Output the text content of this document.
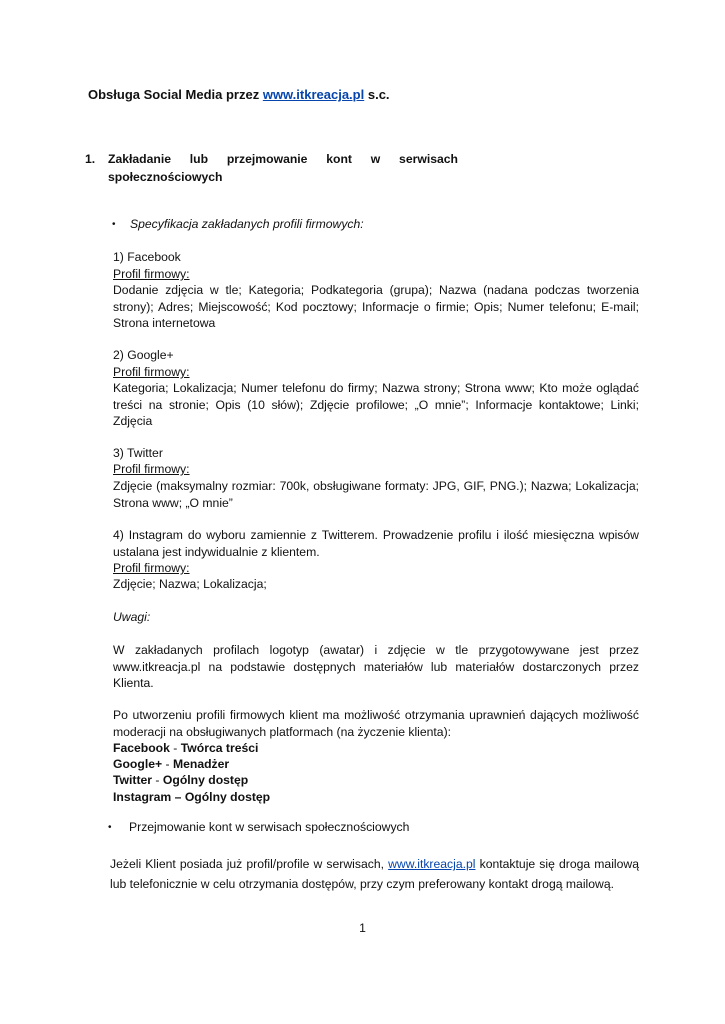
Obsługa Social Media przez www.itkreacja.pl s.c.
1. Zakładanie lub przejmowanie kont w serwisach
społecznościowych
• Specyfikacja zakładanych profili firmowych:
1) Facebook
Profil firmowy:
Dodanie zdjęcia w tle; Kategoria; Podkategoria (grupa); Nazwa (nadana podczas tworzenia strony); Adres; Miejscowość; Kod pocztowy; Informacje o firmie; Opis; Numer telefonu; E-mail; Strona internetowa
2) Google+
Profil firmowy:
Kategoria; Lokalizacja; Numer telefonu do firmy; Nazwa strony; Strona www; Kto może oglądać treści na stronie; Opis (10 słów); Zdjęcie profilowe; „O mnie”; Informacje kontaktowe; Linki; Zdjęcia
3) Twitter
Profil firmowy:
Zdjęcie (maksymalny rozmiar: 700k, obsługiwane formaty: JPG, GIF, PNG.); Nazwa; Lokalizacja; Strona www; „O mnie”
4) Instagram do wyboru zamiennie z Twitterem. Prowadzenie profilu i ilość miesięczna wpisów ustalana jest indywidualnie z klientem.
Profil firmowy:
Zdjęcie; Nazwa; Lokalizacja;
Uwagi:
W zakładanych profilach logotyp (awatar) i zdjęcie w tle przygotowywane jest przez www.itkreacja.pl na podstawie dostępnych materiałów lub materiałów dostarczonych przez Klienta.
Po utworzeniu profili firmowych klient ma możliwość otrzymania uprawnień dających możliwość moderacji na obsługiwanych platformach (na życzenie klienta):
Facebook - Twórca treści
Google+ - Menadżer
Twitter - Ogólny dostęp
Instagram – Ogólny dostęp
• Przejmowanie kont w serwisach społecznościowych
Jeżeli Klient posiada już profil/profile w serwisach, www.itkreacja.pl kontaktuje się droga mailową lub telefonicznie w celu otrzymania dostępów, przy czym preferowany kontakt drogą mailową.
1
